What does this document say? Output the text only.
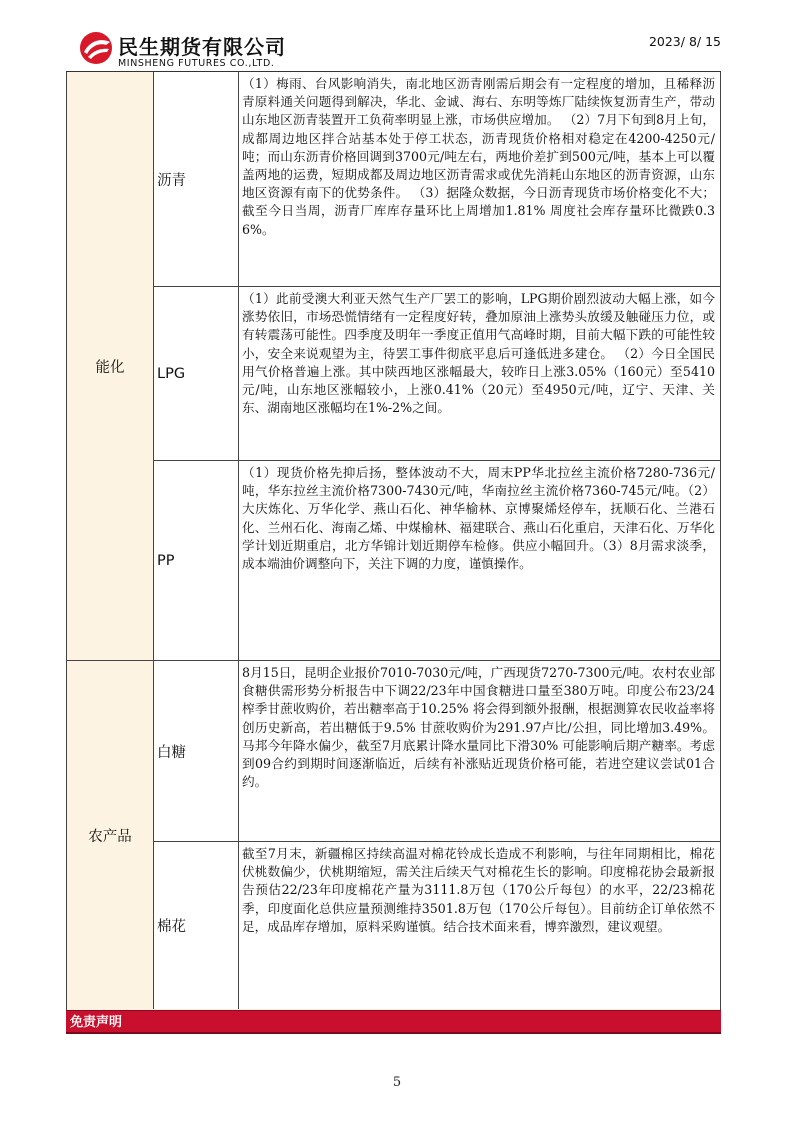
民生期货有限公司
MINSHENG FUTURES CO.,LTD.
2023/ 8/ 15
能化
沥青
（1）梅雨、台风影响消失，南北地区沥青刚需后期会有一定程度的增加，且稀释沥青原料通关问题得到解决，华北、金诚、海右、东明等炼厂陆续恢复沥青生产，带动山东地区沥青装置开工负荷率明显上涨，市场供应增加。 （2）7月下旬到8月上旬，成都周边地区拌合站基本处于停工状态，沥青现货价格相对稳定在4200-4250元/吨；而山东沥青价格回调到3700元/吨左右，两地价差扩到500元/吨，基本上可以覆盖两地的运费，短期成都及周边地区沥青需求或优先消耗山东地区的沥青资源，山东地区资源有南下的优势条件。 （3）据隆众数据，今日沥青现货市场价格变化不大；截至今日当周，沥青厂库库存量环比上周增加1.81% 周度社会库存量环比微跌0.36%。
LPG
（1）此前受澳大利亚天然气生产厂罢工的影响，LPG期价剧烈波动大幅上涨，如今涨势依旧，市场恐慌情绪有一定程度好转，叠加原油上涨势头放缓及触碰压力位，或有转震荡可能性。四季度及明年一季度正值用气高峰时期，目前大幅下跌的可能性较小，安全来说观望为主，待罢工事件彻底平息后可逢低进多建仓。 （2）今日全国民用气价格普遍上涨。其中陕西地区涨幅最大，较昨日上涨3.05%（160元）至5410元/吨，山东地区涨幅较小，上涨0.41%（20元）至4950元/吨，辽宁、天津、关东、湖南地区涨幅均在1%-2%之间。
PP
（1）现货价格先抑后扬，整体波动不大，周末PP华北拉丝主流价格7280-736元/吨，华东拉丝主流价格7300-7430元/吨，华南拉丝主流价格7360-745元/吨。（2）大庆炼化、万华化学、燕山石化、神华榆林、京博聚烯烃停车，抚顺石化、兰港石化、兰州石化、海南乙烯、中煤榆林、福建联合、燕山石化重启，天津石化、万华化学计划近期重启，北方华锦计划近期停车检修。供应小幅回升。（3）8月需求淡季，成本端油价调整向下，关注下调的力度，谨慎操作。
农产品
白糖
8月15日，昆明企业报价7010-7030元/吨，广西现货7270-7300元/吨。农村农业部食糖供需形势分析报告中下调22/23年中国食糖进口量至380万吨。印度公布23/24榨季甘蔗收购价，若出糖率高于10.25% 将会得到额外报酬，根据测算农民收益率将创历史新高，若出糖低于9.5% 甘蔗收购价为291.97卢比/公担，同比增加3.49%。马邦今年降水偏少，截至7月底累计降水量同比下滑30% 可能影响后期产糖率。考虑到09合约到期时间逐渐临近，后续有补涨贴近现货价格可能，若进空建议尝试01合约。
棉花
截至7月末，新疆棉区持续高温对棉花铃成长造成不利影响，与往年同期相比，棉花伏桃数偏少，伏桃期缩短，需关注后续天气对棉花生长的影响。印度棉花协会最新报告预估22/23年印度棉花产量为3111.8万包（170公斤每包）的水平，22/23棉花季，印度面化总供应量预测维持3501.8万包（170公斤每包）。目前纺企订单依然不足，成品库存增加，原料采购谨慎。结合技术面来看，博弈激烈，建议观望。
免责声明
5
